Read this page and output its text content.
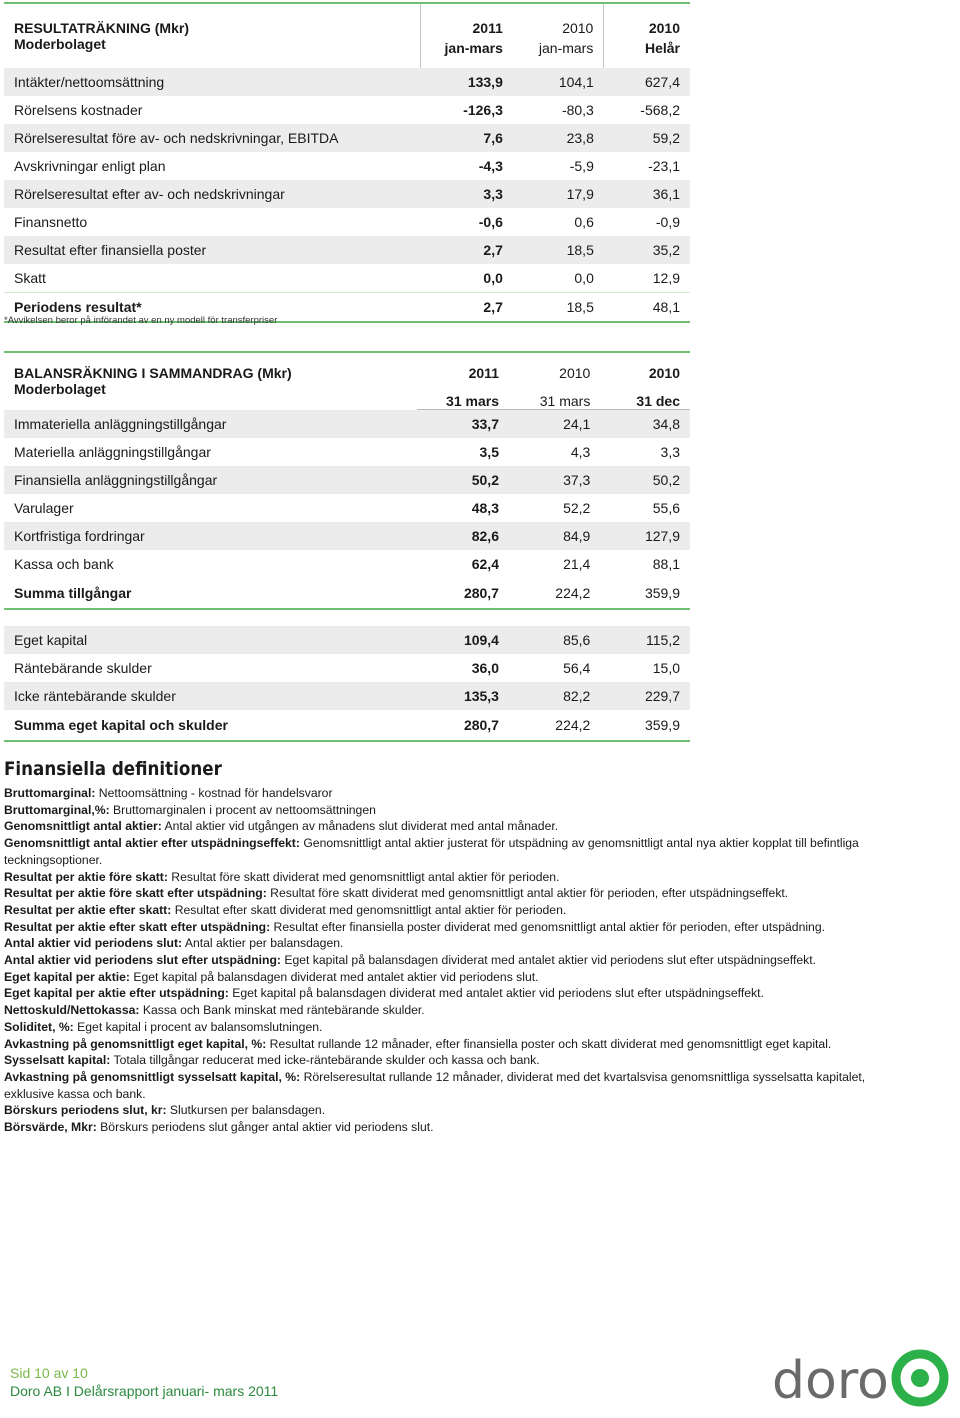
RESULTATRÄKNING (Mkr)	2011	2010	2010
Moderbolaget	jan-mars	jan-mars	Helår
Intäkter/nettoomsättning	133,9	104,1	627,4
Rörelsens kostnader	-126,3	-80,3	-568,2
Rörelseresultat före av- och nedskrivningar, EBITDA	7,6	23,8	59,2
Avskrivningar enligt plan	-4,3	-5,9	-23,1
Rörelseresultat efter av- och nedskrivningar	3,3	17,9	36,1
Finansnetto	-0,6	0,6	-0,9
Resultat efter finansiella poster	2,7	18,5	35,2
Skatt	0,0	0,0	12,9
Periodens resultat*	2,7	18,5	48,1
*Avvikelsen beror på införandet av en ny modell för transferpriser
BALANSRÄKNING I SAMMANDRAG (Mkr)	2011	2010	2010
Moderbolaget	31 mars	31 mars	31 dec
Immateriella anläggningstillgångar	33,7	24,1	34,8
Materiella anläggningstillgångar	3,5	4,3	3,3
Finansiella anläggningstillgångar	50,2	37,3	50,2
Varulager	48,3	52,2	55,6
Kortfristiga fordringar	82,6	84,9	127,9
Kassa och bank	62,4	21,4	88,1
Summa tillgångar	280,7	224,2	359,9

Eget kapital	109,4	85,6	115,2
Räntebärande skulder	36,0	56,4	15,0
Icke räntebärande skulder	135,3	82,2	229,7
Summa eget kapital och skulder	280,7	224,2	359,9
Finansiella definitioner
Bruttomarginal: Nettoomsättning - kostnad för handelsvaror
Bruttomarginal,%: Bruttomarginalen i procent av nettoomsättningen
Genomsnittligt antal aktier: Antal aktier vid utgången av månadens slut dividerat med antal månader.
Genomsnittligt antal aktier efter utspädningseffekt: Genomsnittligt antal aktier justerat för utspädning av genomsnittligt antal nya aktier kopplat till befintliga teckningsoptioner.
Resultat per aktie före skatt: Resultat före skatt dividerat med genomsnittligt antal aktier för perioden.
Resultat per aktie före skatt efter utspädning: Resultat före skatt dividerat med genomsnittligt antal aktier för perioden, efter utspädningseffekt.
Resultat per aktie efter skatt: Resultat efter skatt dividerat med genomsnittligt antal aktier för perioden.
Resultat per aktie efter skatt efter utspädning: Resultat efter finansiella poster dividerat med genomsnittligt antal aktier för perioden, efter utspädning.
Antal aktier vid periodens slut: Antal aktier per balansdagen.
Antal aktier vid periodens slut efter utspädning: Eget kapital på balansdagen dividerat med antalet aktier vid periodens slut efter utspädningseffekt.
Eget kapital per aktie: Eget kapital på balansdagen dividerat med antalet aktier vid periodens slut.
Eget kapital per aktie efter utspädning: Eget kapital på balansdagen dividerat med antalet aktier vid periodens slut efter utspädningseffekt.
Nettoskuld/Nettokassa: Kassa och Bank minskat med räntebärande skulder.
Soliditet, %: Eget kapital i procent av balansomslutningen.
Avkastning på genomsnittligt eget kapital, %: Resultat rullande 12 månader, efter finansiella poster och skatt dividerat med genomsnittligt eget kapital.
Sysselsatt kapital: Totala tillgångar reducerat med icke-räntebärande skulder och kassa och bank.
Avkastning på genomsnittligt sysselsatt kapital, %: Rörelseresultat rullande 12 månader, dividerat med det kvartalsvisa genomsnittliga sysselsatta kapitalet, exklusive kassa och bank.
Börskurs periodens slut, kr: Slutkursen per balansdagen.
Börsvärde, Mkr: Börskurs periodens slut gånger antal aktier vid periodens slut.
Sid 10 av 10
Doro AB I Delårsrapport januari- mars 2011	doro
